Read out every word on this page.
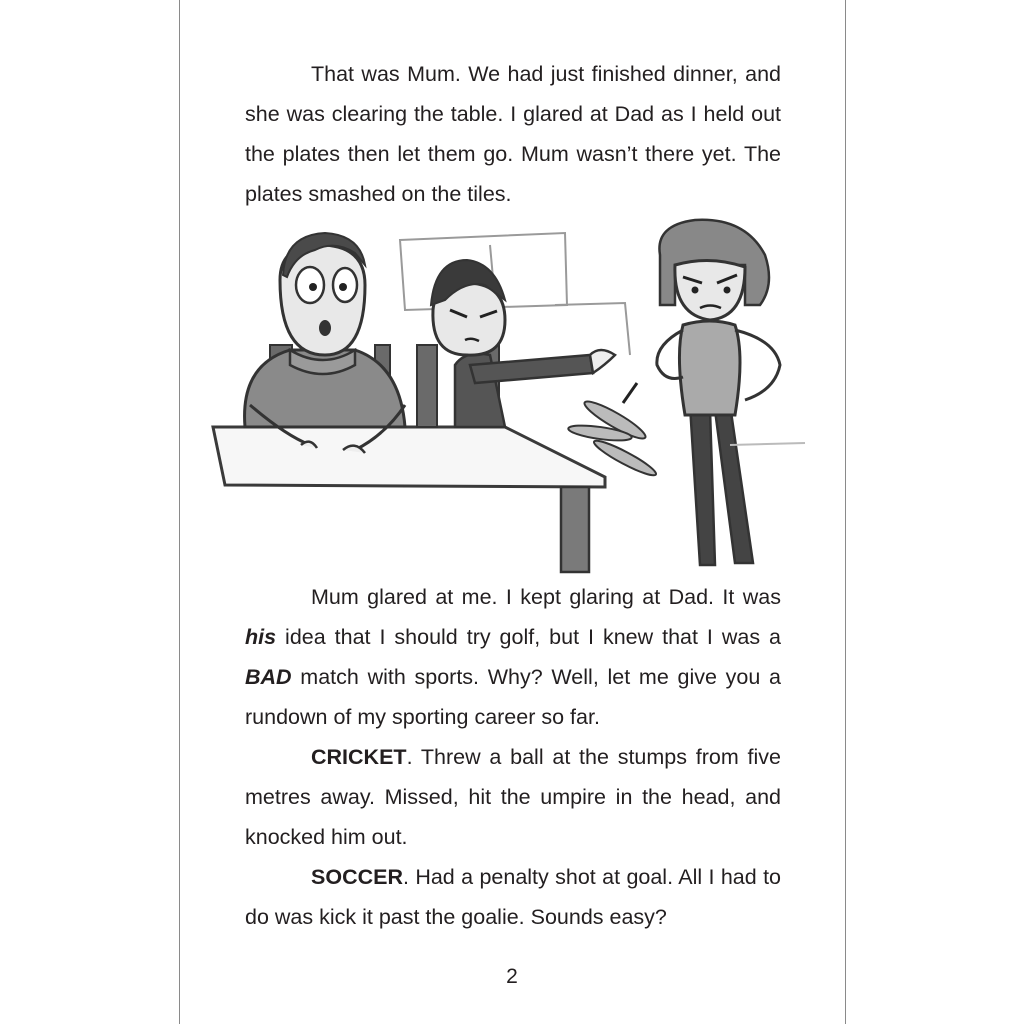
That was Mum. We had just finished dinner, and she was clearing the table. I glared at Dad as I held out the plates then let them go. Mum wasn’t there yet. The plates smashed on the tiles.

Mum glared at me. I kept glaring at Dad. It was his idea that I should try golf, but I knew that I was a BAD match with sports. Why? Well, let me give you a rundown of my sporting career so far.

CRICKET. Threw a ball at the stumps from five metres away. Missed, hit the umpire in the head, and knocked him out.

SOCCER. Had a penalty shot at goal. All I had to do was kick it past the goalie. Sounds easy?

2
